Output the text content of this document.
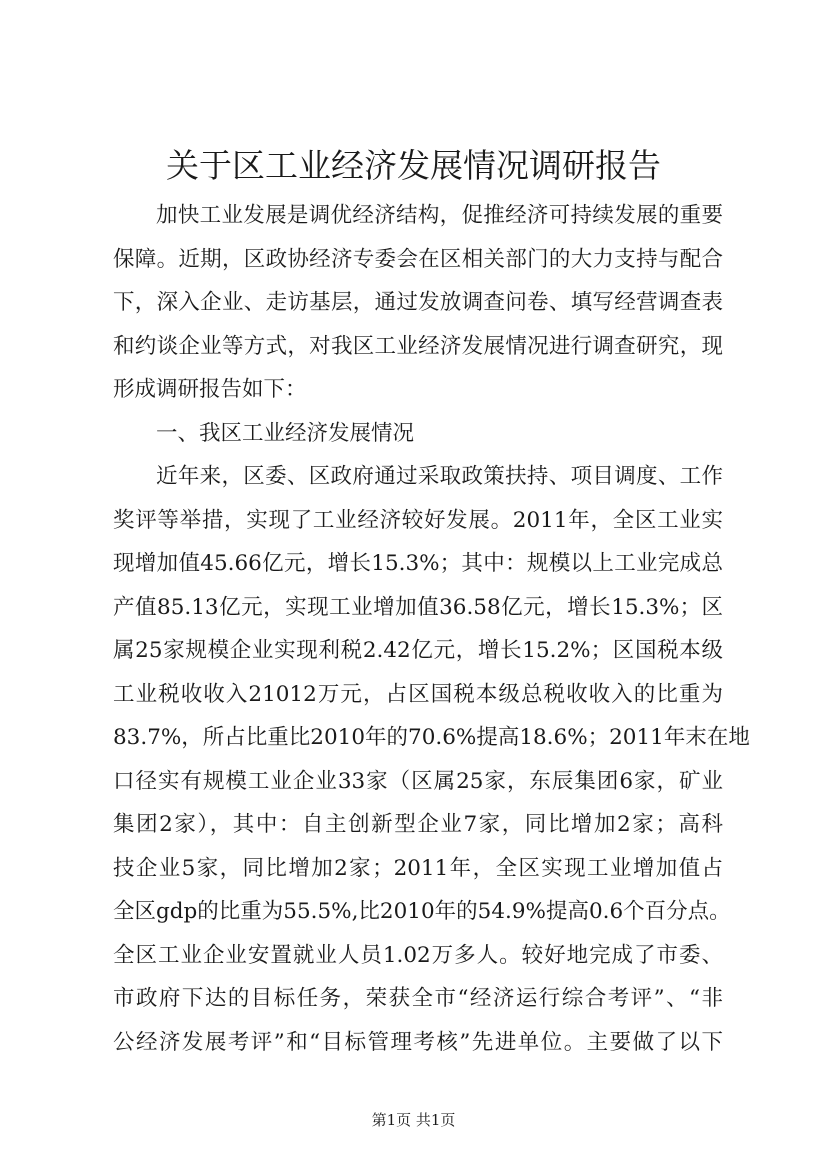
关于区工业经济发展情况调研报告

加快工业发展是调优经济结构，促推经济可持续发展的重要
保障。近期，区政协经济专委会在区相关部门的大力支持与配合
下，深入企业、走访基层，通过发放调查问卷、填写经营调查表
和约谈企业等方式，对我区工业经济发展情况进行调查研究，现
形成调研报告如下：

一、我区工业经济发展情况

近年来，区委、区政府通过采取政策扶持、项目调度、工作
奖评等举措，实现了工业经济较好发展。2011年，全区工业实
现增加值45.66亿元，增长15.3%；其中：规模以上工业完成总
产值85.13亿元，实现工业增加值36.58亿元，增长15.3%；区
属25家规模企业实现利税2.42亿元，增长15.2%；区国税本级
工业税收收入21012万元，占区国税本级总税收收入的比重为
83.7%，所占比重比2010年的70.6%提高18.6%；2011年末在地
口径实有规模工业企业33家（区属25家，东辰集团6家，矿业
集团2家），其中：自主创新型企业7家，同比增加2家；高科
技企业5家，同比增加2家；2011年，全区实现工业增加值占
全区gdp的比重为55.5%,比2010年的54.9%提高0.6个百分点。
全区工业企业安置就业人员1.02万多人。较好地完成了市委、
市政府下达的目标任务，荣获全市“经济运行综合考评”、“非
公经济发展考评”和“目标管理考核”先进单位。主要做了以下

第1页 共1页
